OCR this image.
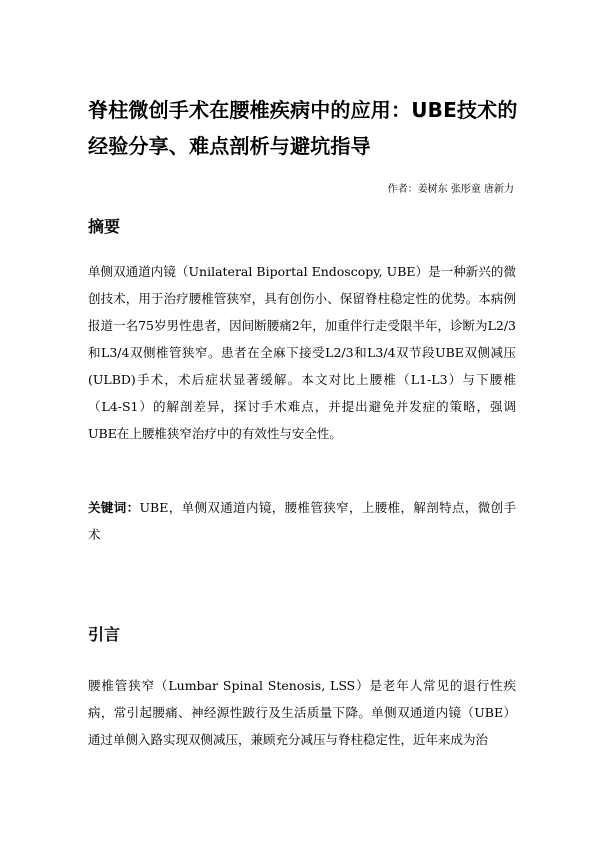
脊柱微创手术在腰椎疾病中的应用：UBE技术的经验分享、难点剖析与避坑指导

作者：姜树东 张彤童 唐新力

摘要

单侧双通道内镜（Unilateral Biportal Endoscopy, UBE）是一种新兴的微创技术，用于治疗腰椎管狭窄，具有创伤小、保留脊柱稳定性的优势。本病例报道一名75岁男性患者，因间断腰痛2年，加重伴行走受限半年，诊断为L2/3和L3/4双侧椎管狭窄。患者在全麻下接受L2/3和L3/4双节段UBE双侧减压(ULBD)手术，术后症状显著缓解。本文对比上腰椎（L1-L3）与下腰椎（L4-S1）的解剖差异，探讨手术难点，并提出避免并发症的策略，强调UBE在上腰椎狭窄治疗中的有效性与安全性。

关键词：UBE，单侧双通道内镜，腰椎管狭窄，上腰椎，解剖特点，微创手术

引言

腰椎管狭窄（Lumbar Spinal Stenosis, LSS）是老年人常见的退行性疾病，常引起腰痛、神经源性跛行及生活质量下降。单侧双通道内镜（UBE）通过单侧入路实现双侧减压，兼顾充分减压与脊柱稳定性，近年来成为治
